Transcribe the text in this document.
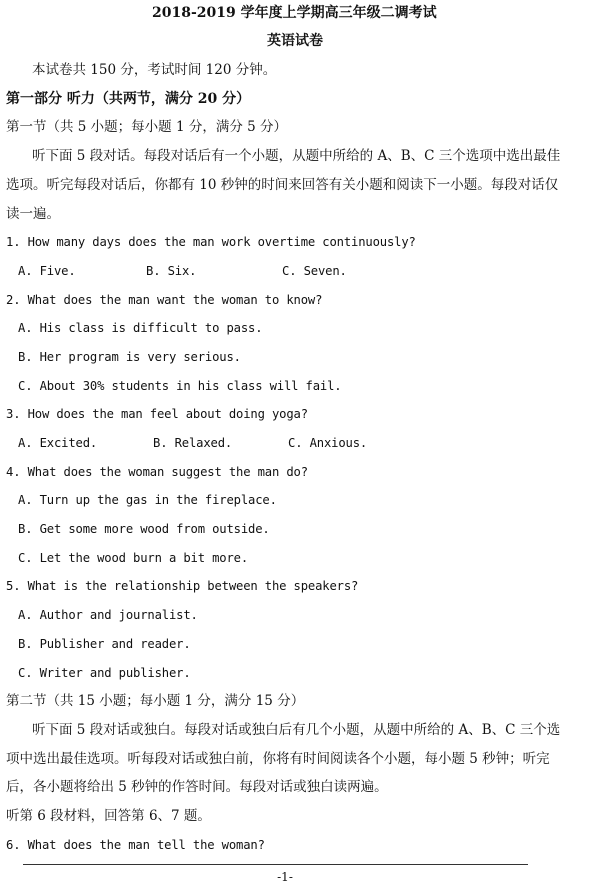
2018-2019 学年度上学期高三年级二调考试
英语试卷
本试卷共 150 分，考试时间 120 分钟。
第一部分 听力（共两节，满分 20 分）
第一节（共 5 小题；每小题 1 分，满分 5 分）
听下面 5 段对话。每段对话后有一个小题，从题中所给的 A、B、C 三个选项中选出最佳
选项。听完每段对话后，你都有 10 秒钟的时间来回答有关小题和阅读下一小题。每段对话仅
读一遍。
1. How many days does the man work overtime continuously?
A. Five.	B. Six.	C. Seven.
2. What does the man want the woman to know?
A. His class is difficult to pass.
B. Her program is very serious.
C. About 30% students in his class will fail.
3. How does the man feel about doing yoga?
A. Excited.	B. Relaxed.	C. Anxious.
4. What does the woman suggest the man do?
A. Turn up the gas in the fireplace.
B. Get some more wood from outside.
C. Let the wood burn a bit more.
5. What is the relationship between the speakers?
A. Author and journalist.
B. Publisher and reader.
C. Writer and publisher.
第二节（共 15 小题；每小题 1 分，满分 15 分）
听下面 5 段对话或独白。每段对话或独白后有几个小题，从题中所给的 A、B、C 三个选
项中选出最佳选项。听每段对话或独白前，你将有时间阅读各个小题，每小题 5 秒钟；听完
后，各小题将给出 5 秒钟的作答时间。每段对话或独白读两遍。
听第 6 段材料，回答第 6、7 题。
6. What does the man tell the woman?
-1-
